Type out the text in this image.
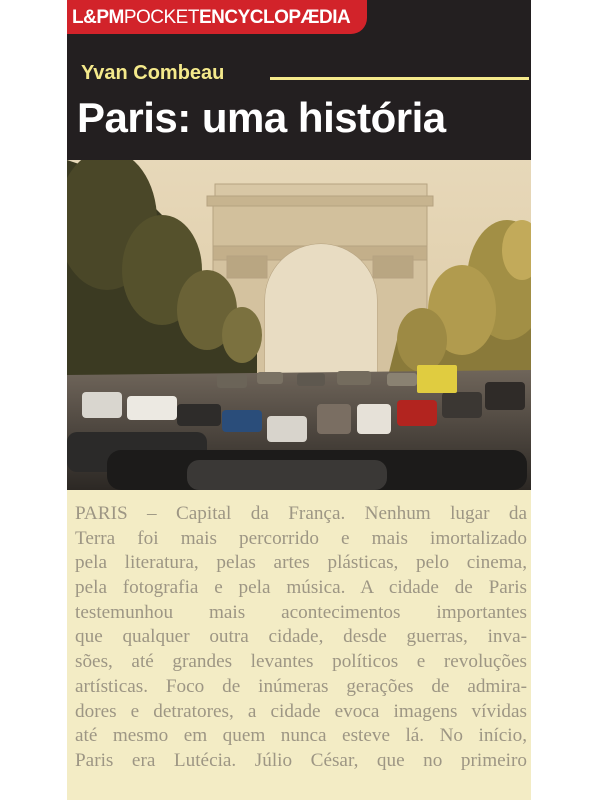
L&PMPOCKETENCYCLOPÆDIA
Yvan Combeau
Paris: uma história
PARIS – Capital da França. Nenhum lugar da
Terra foi mais percorrido e mais imortalizado
pela literatura, pelas artes plásticas, pelo cinema,
pela fotografia e pela música. A cidade de Paris
testemunhou mais acontecimentos importantes
que qualquer outra cidade, desde guerras, inva-
sões, até grandes levantes políticos e revoluções
artísticas. Foco de inúmeras gerações de admira-
dores e detratores, a cidade evoca imagens vívidas
até mesmo em quem nunca esteve lá. No início,
Paris era Lutécia. Júlio César, que no primeiro
